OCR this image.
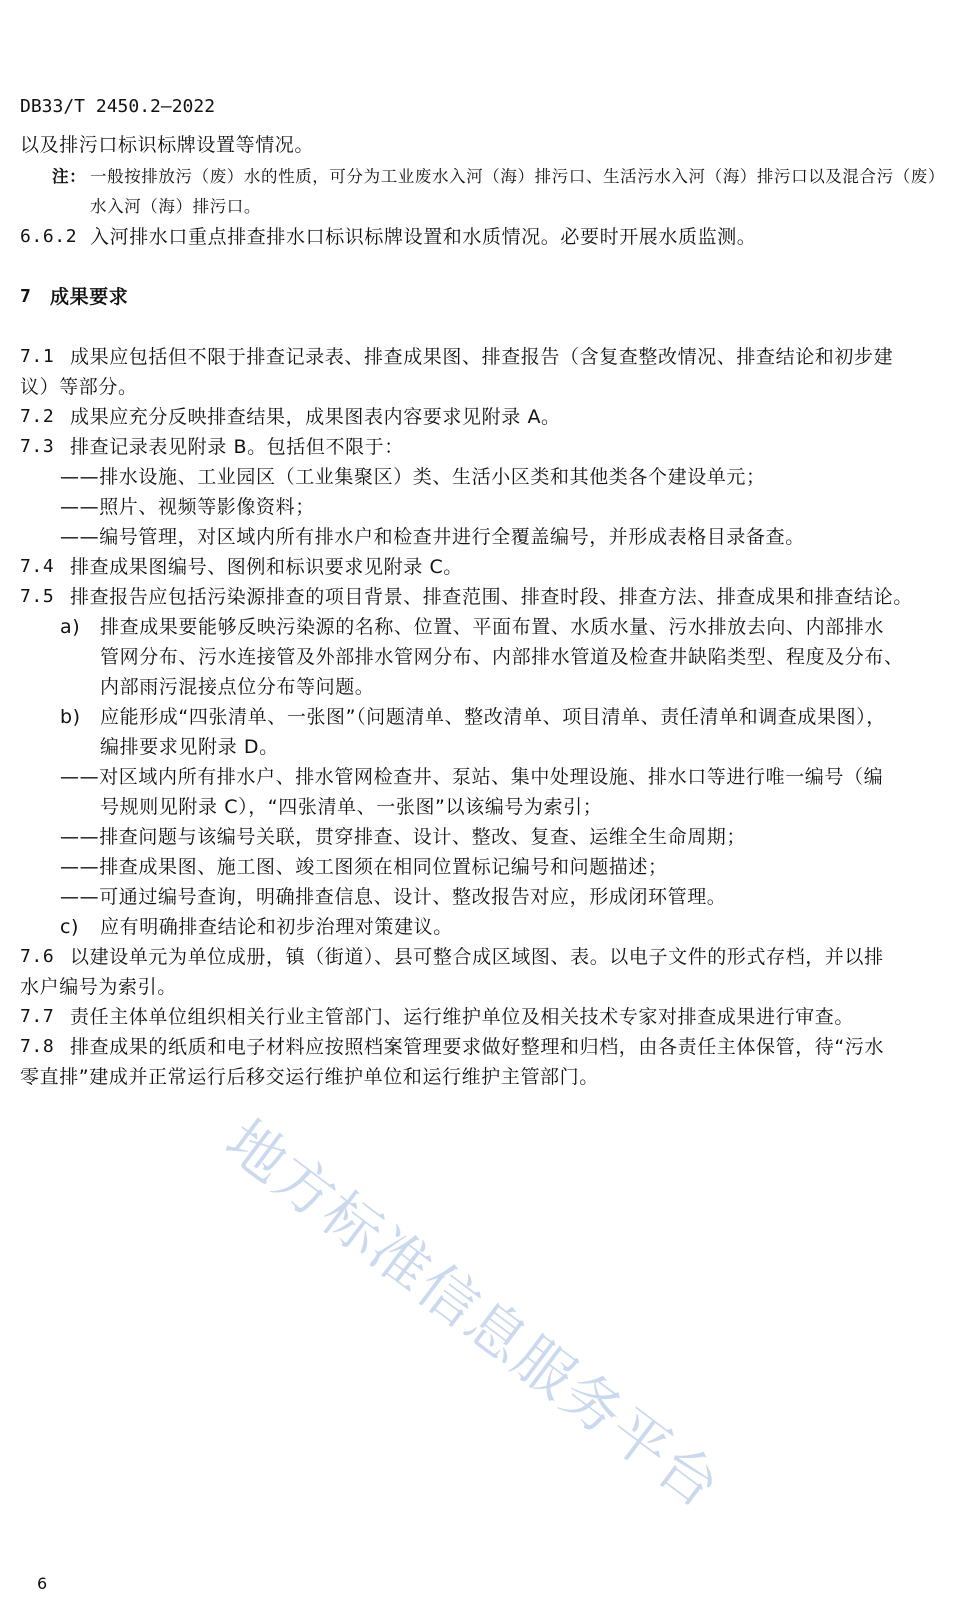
DB33/T 2450.2—2022
以及排污口标识标牌设置等情况。
注： 一般按排放污（废）水的性质，可分为工业废水入河（海）排污口、生活污水入河（海）排污口以及混合污（废）
水入河（海）排污口。
6.6.2 入河排水口重点排查排水口标识标牌设置和水质情况。必要时开展水质监测。
7 成果要求
7.1 成果应包括但不限于排查记录表、排查成果图、排查报告（含复查整改情况、排查结论和初步建
议）等部分。
7.2 成果应充分反映排查结果，成果图表内容要求见附录 A。
7.3 排查记录表见附录 B。包括但不限于：
——排水设施、工业园区（工业集聚区）类、生活小区类和其他类各个建设单元；
——照片、视频等影像资料；
——编号管理，对区域内所有排水户和检查井进行全覆盖编号，并形成表格目录备查。
7.4 排查成果图编号、图例和标识要求见附录 C。
7.5 排查报告应包括污染源排查的项目背景、排查范围、排查时段、排查方法、排查成果和排查结论。
a) 排查成果要能够反映污染源的名称、位置、平面布置、水质水量、污水排放去向、内部排水
管网分布、污水连接管及外部排水管网分布、内部排水管道及检查井缺陷类型、程度及分布、
内部雨污混接点位分布等问题。
b) 应能形成“四张清单、一张图”（问题清单、整改清单、项目清单、责任清单和调查成果图），
编排要求见附录 D。
——对区域内所有排水户、排水管网检查井、泵站、集中处理设施、排水口等进行唯一编号（编
号规则见附录 C），“四张清单、一张图”以该编号为索引；
——排查问题与该编号关联，贯穿排查、设计、整改、复查、运维全生命周期；
——排查成果图、施工图、竣工图须在相同位置标记编号和问题描述；
——可通过编号查询，明确排查信息、设计、整改报告对应，形成闭环管理。
c) 应有明确排查结论和初步治理对策建议。
7.6 以建设单元为单位成册，镇（街道）、县可整合成区域图、表。以电子文件的形式存档，并以排
水户编号为索引。
7.7 责任主体单位组织相关行业主管部门、运行维护单位及相关技术专家对排查成果进行审查。
7.8 排查成果的纸质和电子材料应按照档案管理要求做好整理和归档，由各责任主体保管，待“污水
零直排”建成并正常运行后移交运行维护单位和运行维护主管部门。
地方标准信息服务平台
6
